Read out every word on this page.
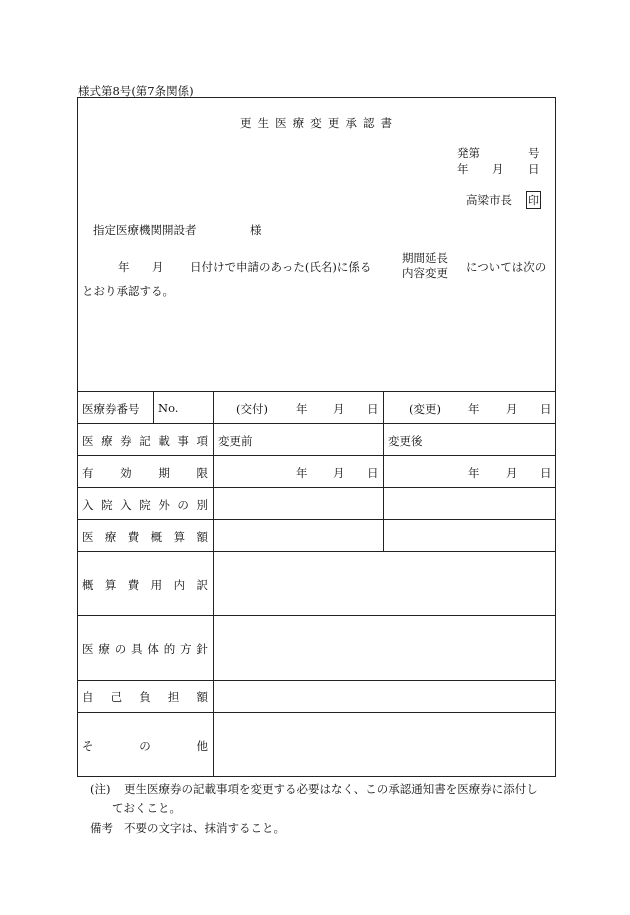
様式第8号(第7条関係)
更 生 医 療 変 更 承 認 書
発第	号
年 月 日
高梁市長 印
指定医療機関開設者	様
年 月 日付けで申請のあった(氏名)に係る
期間延長
内容変更 については次の
とおり承認する。
医療券番号 No.	(交付) 年 月 日	(変更) 年 月 日
医 療 券 記 載 事 項 変更前	変更後
有 効 期 限	年 月 日	年 月 日
入 院 入 院 外 の 別
医 療 費 概 算 額
概 算 費 用 内 訳
医 療 の 具 体 的 方 針
自 己 負 担 額
そ	の	他
(注) 更生医療券の記載事項を変更する必要はなく、この承認通知書を医療券に添付し
ておくこと。
備考 不要の文字は、抹消すること。
